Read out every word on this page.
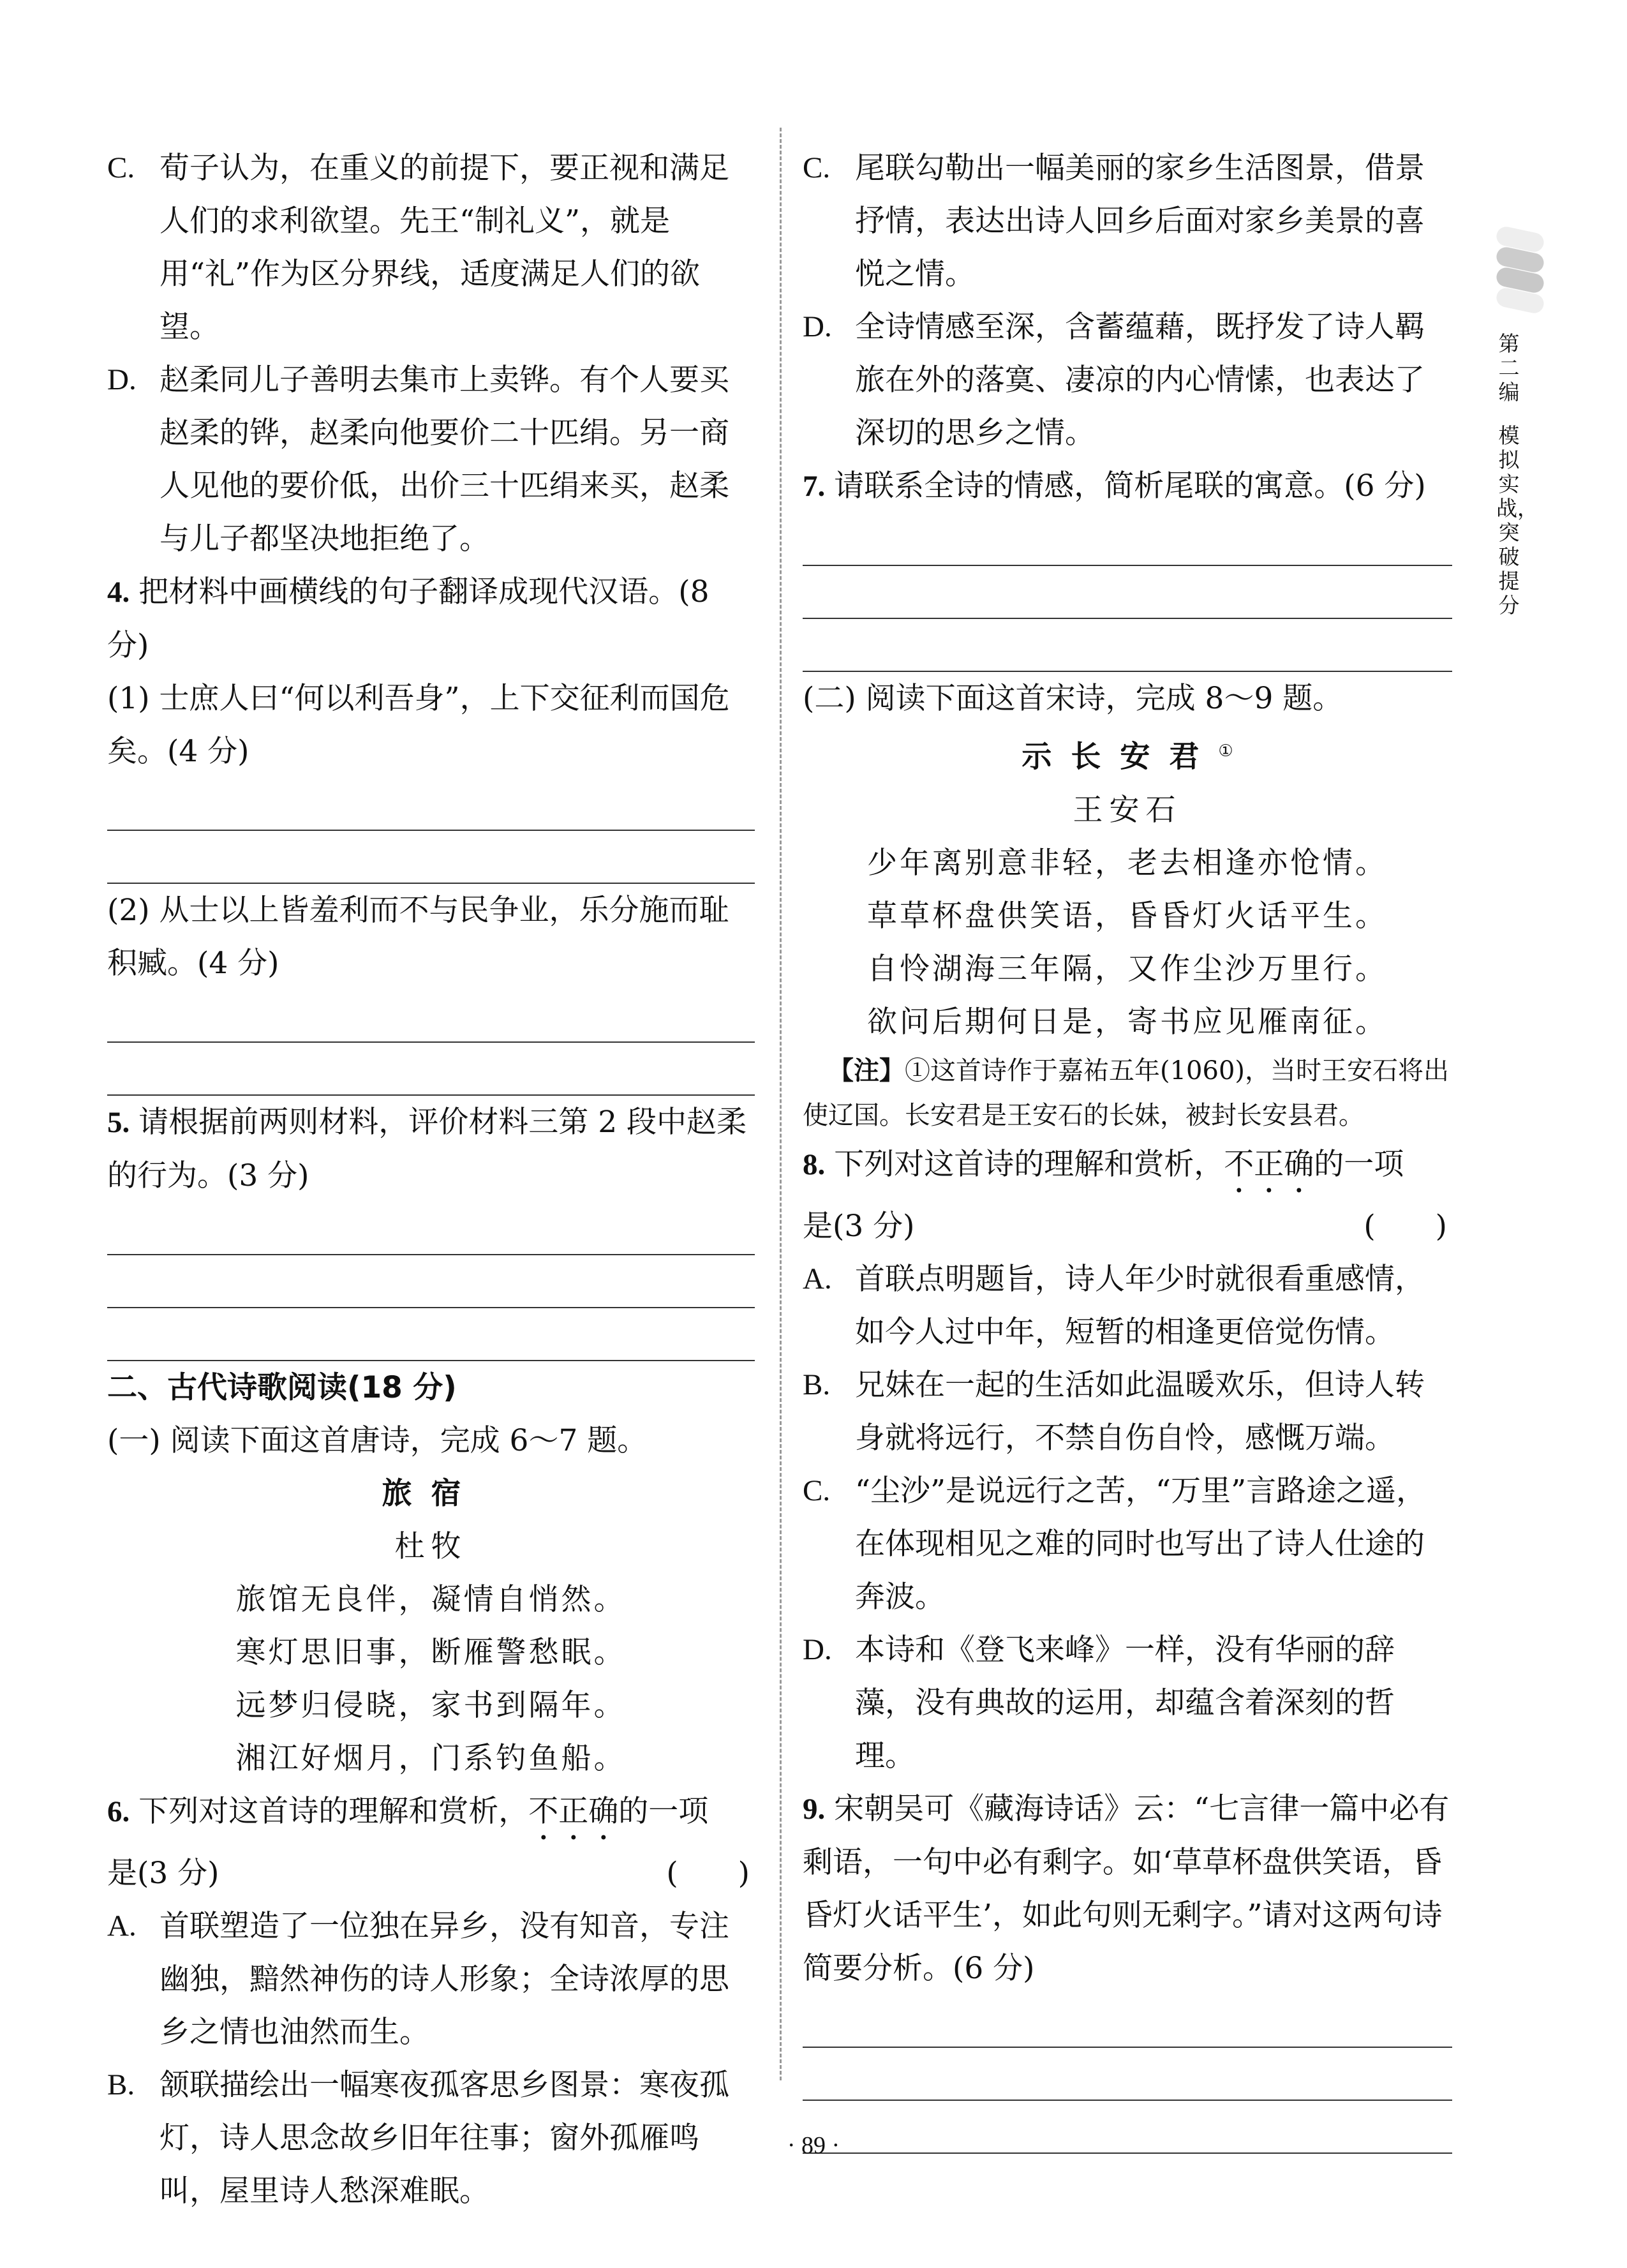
C. 荀子认为，在重义的前提下，要正视和满足人们的求利欲望。先王“制礼义”，就是用“礼”作为区分界线，适度满足人们的欲望。
D. 赵柔同儿子善明去集市上卖铧。有个人要买赵柔的铧，赵柔向他要价二十匹绢。另一商人见他的要价低，出价三十匹绢来买，赵柔与儿子都坚决地拒绝了。
4. 把材料中画横线的句子翻译成现代汉语。(8 分)
(1) 士庶人曰“何以利吾身”，上下交征利而国危矣。(4 分)
(2) 从士以上皆羞利而不与民争业，乐分施而耻积臧。(4 分)
5. 请根据前两则材料，评价材料三第 2 段中赵柔的行为。(3 分)
二、古代诗歌阅读(18 分)
(一) 阅读下面这首唐诗，完成 6～7 题。
旅宿
杜牧
旅馆无良伴，凝情自悄然。
寒灯思旧事，断雁警愁眠。
远梦归侵晓，家书到隔年。
湘江好烟月，门系钓鱼船。
6. 下列对这首诗的理解和赏析，不正确的一项
是(3 分)	(　　)
A. 首联塑造了一位独在异乡，没有知音，专注幽独，黯然神伤的诗人形象；全诗浓厚的思乡之情也油然而生。
B. 颔联描绘出一幅寒夜孤客思乡图景：寒夜孤灯，诗人思念故乡旧年往事；窗外孤雁鸣叫，屋里诗人愁深难眠。
C. 尾联勾勒出一幅美丽的家乡生活图景，借景抒情，表达出诗人回乡后面对家乡美景的喜悦之情。
D. 全诗情感至深，含蓄蕴藉，既抒发了诗人羁旅在外的落寞、凄凉的内心情愫，也表达了深切的思乡之情。
7. 请联系全诗的情感，简析尾联的寓意。(6 分)
(二) 阅读下面这首宋诗，完成 8～9 题。
示长安君①
王安石
少年离别意非轻，老去相逢亦怆情。
草草杯盘供笑语，昏昏灯火话平生。
自怜湖海三年隔，又作尘沙万里行。
欲问后期何日是，寄书应见雁南征。
【注】①这首诗作于嘉祐五年(1060)，当时王安石将出使辽国。长安君是王安石的长妹，被封长安县君。
8. 下列对这首诗的理解和赏析，不正确的一项
是(3 分)	(　　)
A. 首联点明题旨，诗人年少时就很看重感情，如今人过中年，短暂的相逢更倍觉伤情。
B. 兄妹在一起的生活如此温暖欢乐，但诗人转身就将远行，不禁自伤自怜，感慨万端。
C. “尘沙”是说远行之苦，“万里”言路途之遥，在体现相见之难的同时也写出了诗人仕途的奔波。
D. 本诗和《登飞来峰》一样，没有华丽的辞藻，没有典故的运用，却蕴含着深刻的哲理。
9. 宋朝吴可《藏海诗话》云：“七言律一篇中必有剩语，一句中必有剩字。如‘草草杯盘供笑语，昏昏灯火话平生’，如此句则无剩字。”请对这两句诗简要分析。(6 分)
第二编
模拟实战，突破提分
· 89 ·
